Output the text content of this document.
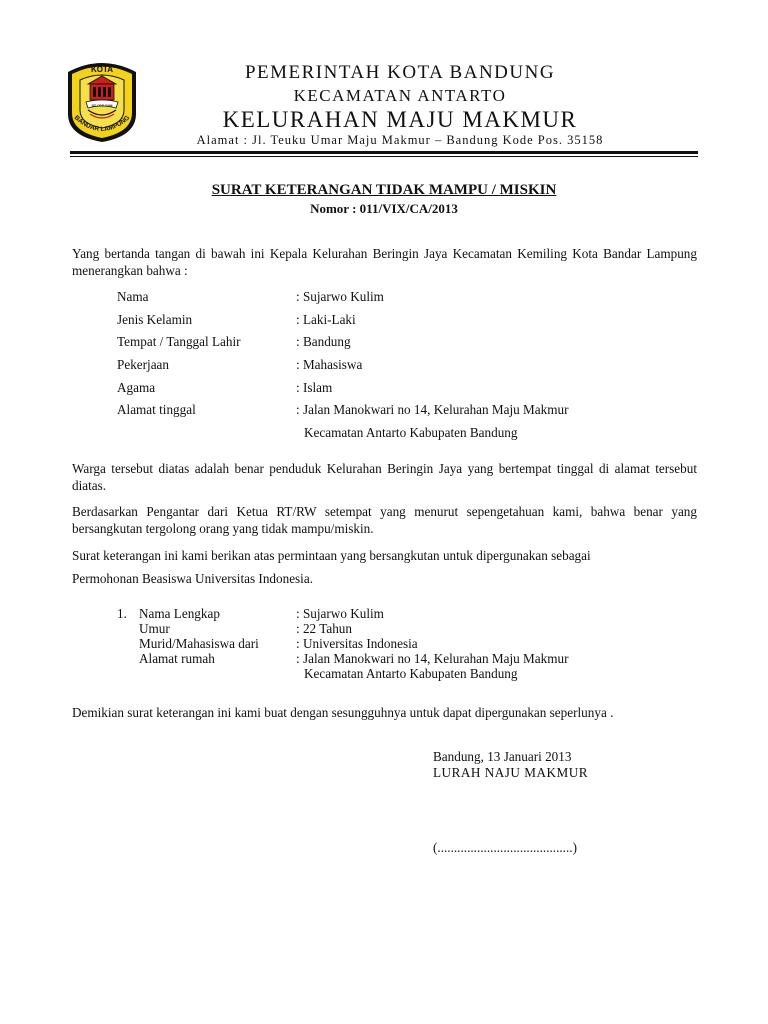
KOTA
SELOBO SAMI
BANDAR LAMPUNG
PEMERINTAH KOTA BANDUNG
KECAMATAN ANTARTO
KELURAHAN MAJU MAKMUR
Alamat : Jl. Teuku Umar Maju Makmur – Bandung Kode Pos. 35158
SURAT KETERANGAN TIDAK MAMPU / MISKIN
Nomor : 011/VIX/CA/2013
Yang bertanda tangan di bawah ini Kepala Kelurahan Beringin Jaya Kecamatan Kemiling Kota Bandar Lampung menerangkan bahwa :
Nama	: Sujarwo Kulim
Jenis Kelamin	: Laki-Laki
Tempat / Tanggal Lahir	: Bandung
Pekerjaan	: Mahasiswa
Agama	: Islam
Alamat tinggal	: Jalan Manokwari no 14, Kelurahan Maju Makmur
Kecamatan Antarto Kabupaten Bandung
Warga tersebut diatas adalah benar penduduk Kelurahan Beringin Jaya yang bertempat tinggal di alamat tersebut diatas.
Berdasarkan Pengantar dari Ketua RT/RW setempat yang menurut sepengetahuan kami, bahwa benar yang bersangkutan tergolong orang yang tidak mampu/miskin.
Surat keterangan ini kami berikan atas permintaan yang bersangkutan untuk dipergunakan sebagai
Permohonan Beasiswa Universitas Indonesia.
1. Nama Lengkap	: Sujarwo Kulim
Umur	: 22 Tahun
Murid/Mahasiswa dari	: Universitas Indonesia
Alamat rumah	: Jalan Manokwari no 14, Kelurahan Maju Makmur
Kecamatan Antarto Kabupaten Bandung
Demikian surat keterangan ini kami buat dengan sesungguhnya untuk dapat dipergunakan seperlunya .
Bandung, 13 Januari 2013
LURAH NAJU MAKMUR
(.........................................)
